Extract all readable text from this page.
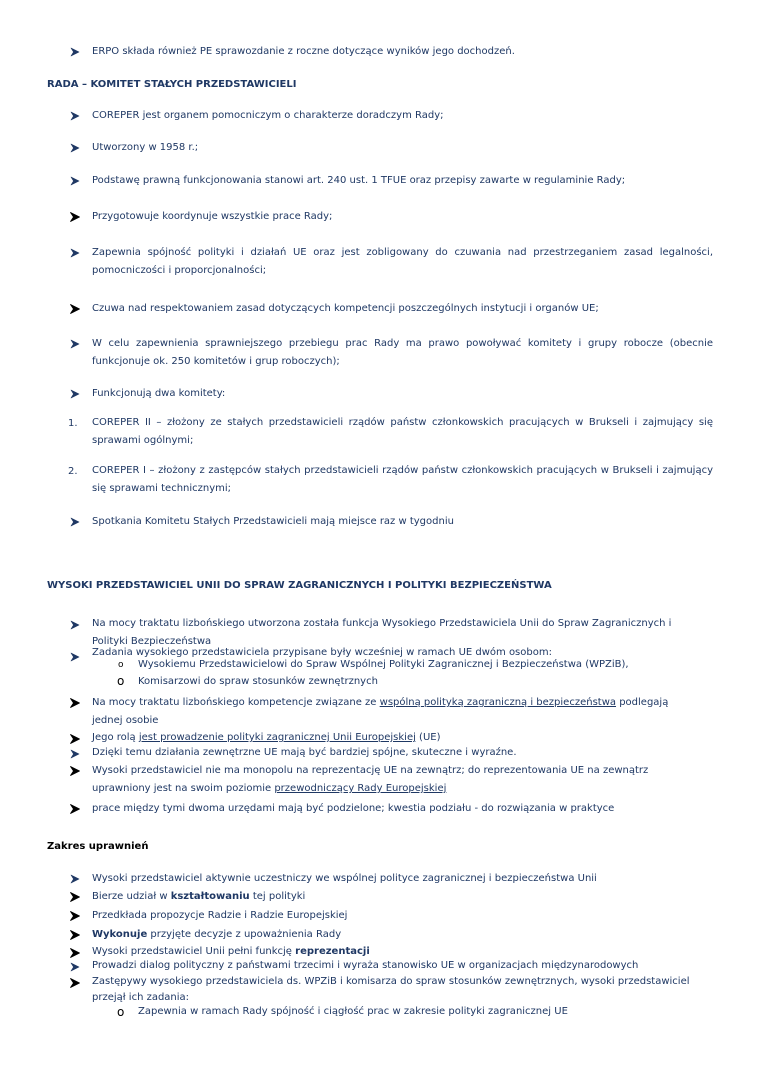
ERPO składa również PE sprawozdanie z roczne dotyczące wyników jego dochodzeń.
RADA – KOMITET STAŁYCH PRZEDSTAWICIELI
COREPER jest organem pomocniczym o charakterze doradczym Rady;
Utworzony w 1958 r.;
Podstawę prawną funkcjonowania stanowi art. 240 ust. 1 TFUE oraz przepisy zawarte w regulaminie Rady;
Przygotowuje koordynuje wszystkie prace Rady;
Zapewnia spójność polityki i działań UE oraz jest zobligowany do czuwania nad przestrzeganiem zasad legalności, pomocniczości i proporcjonalności;
Czuwa nad respektowaniem zasad dotyczących kompetencji poszczególnych instytucji i organów UE;
W celu zapewnienia sprawniejszego przebiegu prac Rady ma prawo powoływać komitety i grupy robocze (obecnie funkcjonuje ok. 250 komitetów i grup roboczych);
Funkcjonują dwa komitety:
1. COREPER II – złożony ze stałych przedstawicieli rządów państw członkowskich pracujących w Brukseli i zajmujący się sprawami ogólnymi;
2. COREPER I – złożony z zastępców stałych przedstawicieli rządów państw członkowskich pracujących w Brukseli i zajmujący się sprawami technicznymi;
Spotkania Komitetu Stałych Przedstawicieli mają miejsce raz w tygodniu
WYSOKI PRZEDSTAWICIEL UNII DO SPRAW ZAGRANICZNYCH I POLITYKI BEZPIECZEŃSTWA
Na mocy traktatu lizbońskiego utworzona została funkcja Wysokiego Przedstawiciela Unii do Spraw Zagranicznych i Polityki Bezpieczeństwa
Zadania wysokiego przedstawiciela przypisane były wcześniej w ramach UE dwóm osobom:
o Wysokiemu Przedstawicielowi do Spraw Wspólnej Polityki Zagranicznej i Bezpieczeństwa (WPZiB),
o Komisarzowi do spraw stosunków zewnętrznych
Na mocy traktatu lizbońskiego kompetencje związane ze wspólną polityką zagraniczną i bezpieczeństwa podlegają jednej osobie
Jego rolą jest prowadzenie polityki zagranicznej Unii Europejskiej (UE)
Dzięki temu działania zewnętrzne UE mają być bardziej spójne, skuteczne i wyraźne.
Wysoki przedstawiciel nie ma monopolu na reprezentację UE na zewnątrz; do reprezentowania UE na zewnątrz uprawniony jest na swoim poziomie przewodniczący Rady Europejskiej
prace między tymi dwoma urzędami mają być podzielone; kwestia podziału - do rozwiązania w praktyce
Zakres uprawnień
Wysoki przedstawiciel aktywnie uczestniczy we wspólnej polityce zagranicznej i bezpieczeństwa Unii
Bierze udział w kształtowaniu tej polityki
Przedkłada propozycje Radzie i Radzie Europejskiej
Wykonuje przyjęte decyzje z upoważnienia Rady
Wysoki przedstawiciel Unii pełni funkcję reprezentacji
Prowadzi dialog polityczny z państwami trzecimi i wyraża stanowisko UE w organizacjach międzynarodowych
Zastępywy wysokiego przedstawiciela ds. WPZiB i komisarza do spraw stosunków zewnętrznych, wysoki przedstawiciel przejął ich zadania:
o Zapewnia w ramach Rady spójność i ciągłość prac w zakresie polityki zagranicznej UE
